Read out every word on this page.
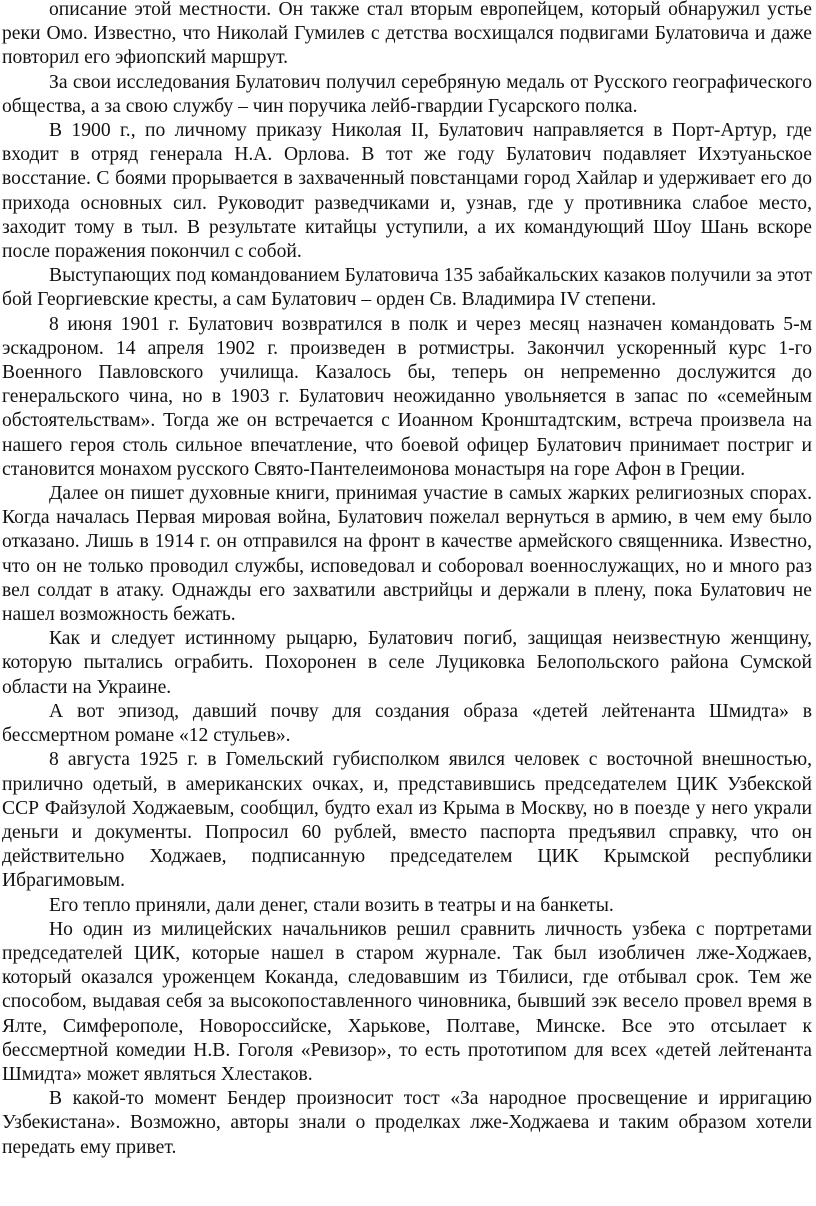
описание этой местности. Он также стал вторым европейцем, который обнаружил устье реки Омо. Известно, что Николай Гумилев с детства восхищался подвигами Булатовича и даже повторил его эфиопский маршрут.

За свои исследования Булатович получил серебряную медаль от Русского географического общества, а за свою службу – чин поручика лейб-гвардии Гусарского полка.

В 1900 г., по личному приказу Николая II, Булатович направляется в Порт-Артур, где входит в отряд генерала Н.А. Орлова. В тот же году Булатович подавляет Ихэтуаньское восстание. С боями прорывается в захваченный повстанцами город Хайлар и удерживает его до прихода основных сил. Руководит разведчиками и, узнав, где у противника слабое место, заходит тому в тыл. В результате китайцы уступили, а их командующий Шоу Шань вскоре после поражения покончил с собой.

Выступающих под командованием Булатовича 135 забайкальских казаков получили за этот бой Георгиевские кресты, а сам Булатович – орден Св. Владимира IV степени.

8 июня 1901 г. Булатович возвратился в полк и через месяц назначен командовать 5-м эскадроном. 14 апреля 1902 г. произведен в ротмистры. Закончил ускоренный курс 1-го Военного Павловского училища. Казалось бы, теперь он непременно дослужится до генеральского чина, но в 1903 г. Булатович неожиданно увольняется в запас по «семейным обстоятельствам». Тогда же он встречается с Иоанном Кронштадтским, встреча произвела на нашего героя столь сильное впечатление, что боевой офицер Булатович принимает постриг и становится монахом русского Свято-Пантелеимонова монастыря на горе Афон в Греции.

Далее он пишет духовные книги, принимая участие в самых жарких религиозных спорах. Когда началась Первая мировая война, Булатович пожелал вернуться в армию, в чем ему было отказано. Лишь в 1914 г. он отправился на фронт в качестве армейского священника. Известно, что он не только проводил службы, исповедовал и соборовал военнослужащих, но и много раз вел солдат в атаку. Однажды его захватили австрийцы и держали в плену, пока Булатович не нашел возможность бежать.

Как и следует истинному рыцарю, Булатович погиб, защищая неизвестную женщину, которую пытались ограбить. Похоронен в селе Луциковка Белопольского района Сумской области на Украине.

А вот эпизод, давший почву для создания образа «детей лейтенанта Шмидта» в бессмертном романе «12 стульев».

8 августа 1925 г. в Гомельский губисполком явился человек с восточной внешностью, прилично одетый, в американских очках, и, представившись председателем ЦИК Узбекской ССР Файзулой Ходжаевым, сообщил, будто ехал из Крыма в Москву, но в поезде у него украли деньги и документы. Попросил 60 рублей, вместо паспорта предъявил справку, что он действительно Ходжаев, подписанную председателем ЦИК Крымской республики Ибрагимовым.

Его тепло приняли, дали денег, стали возить в театры и на банкеты.

Но один из милицейских начальников решил сравнить личность узбека с портретами председателей ЦИК, которые нашел в старом журнале. Так был изобличен лже-Ходжаев, который оказался уроженцем Коканда, следовавшим из Тбилиси, где отбывал срок. Тем же способом, выдавая себя за высокопоставленного чиновника, бывший зэк весело провел время в Ялте, Симферополе, Новороссийске, Харькове, Полтаве, Минске. Все это отсылает к бессмертной комедии Н.В. Гоголя «Ревизор», то есть прототипом для всех «детей лейтенанта Шмидта» может являться Хлестаков.

В какой-то момент Бендер произносит тост «За народное просвещение и ирригацию Узбекистана». Возможно, авторы знали о проделках лже-Ходжаева и таким образом хотели передать ему привет.
